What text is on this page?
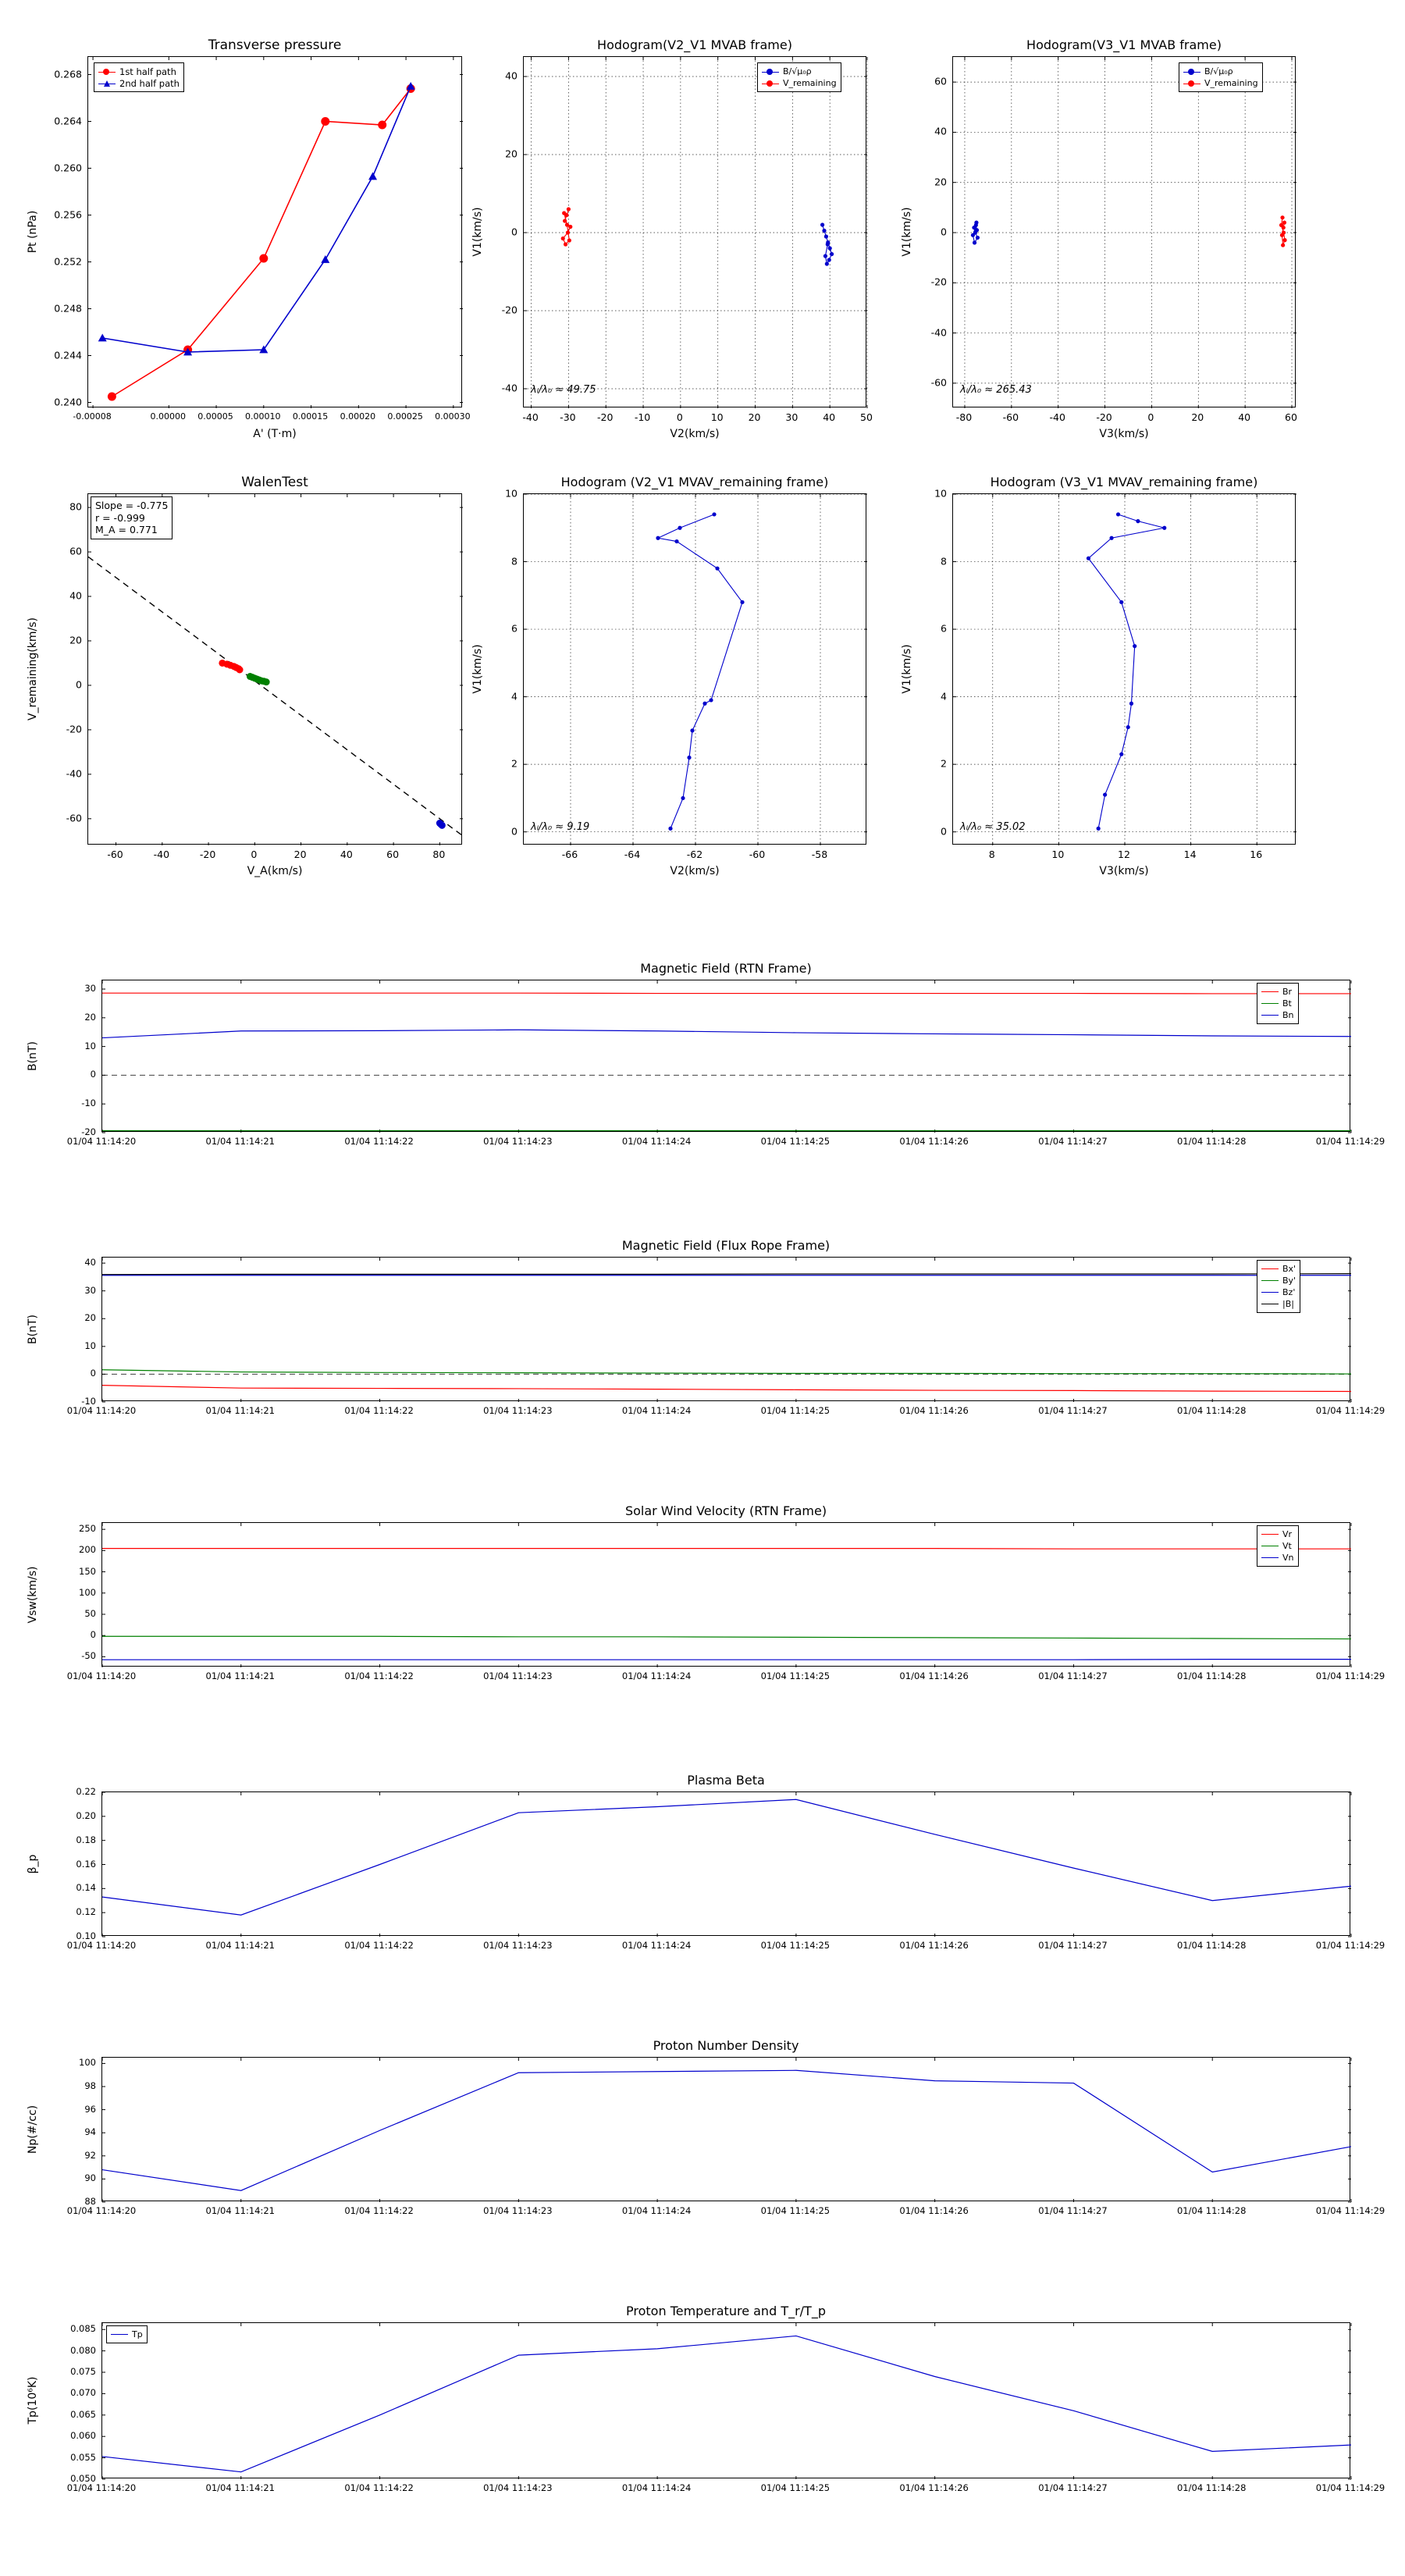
Transverse pressure
-0.00008	0.00000 0.00005 0.00010 0.00015 0.00020 0.00025 0.00030
0.240
0.244
0.248
0.252
0.256
0.260
0.264
0.268
A' (T·m)
Pt (nPa)
1st half path
2nd half path
Hodogram(V2_V1 MVAB frame)
-40 -30 -20 -10	0	10	20	30	40	50
-40
-20
0
20
40
V2(km/s)
V1(km/s)
B/√μ₀ρ
V_remaining
λₗ/λ₀ ≈ 49.75
Hodogram(V3_V1 MVAB frame)
-80	-60	-40	-20	0	20	40	60
-60
-40
-20
0
20
40
60
V3(km/s)
V1(km/s)
B/√μ₀ρ
V_remaining
λₗ/λ₀ ≈ 265.43
WalenTest
-60	-40	-20	0	20	40	60	80
-60
-40
-20
0
20
40
60
80
V_A(km/s)
V_remaining(km/s)
Slope = -0.775
r = -0.999
M_A = 0.771
Hodogram (V2_V1 MVAV_remaining frame)
-66	-64	-62	-60	-58
0
2
4
6
8
10
V2(km/s)
V1(km/s)
λₗ/λ₀ ≈ 9.19
Hodogram (V3_V1 MVAV_remaining frame)
8	10	12	14	16
0
2
4
6
8
10
V3(km/s)
V1(km/s)
λₗ/λ₀ ≈ 35.02
Magnetic Field (RTN Frame)
01/04 11:14:20	01/04 11:14:21	01/04 11:14:22	01/04 11:14:23	01/04 11:14:24	01/04 11:14:25	01/04 11:14:26	01/04 11:14:27	01/04 11:14:28	01/04 11:14:29
-20
-10
0
10
20
30
B(nT)
Br
Bt
Bn
Magnetic Field (Flux Rope Frame)
01/04 11:14:20	01/04 11:14:21	01/04 11:14:22	01/04 11:14:23	01/04 11:14:24	01/04 11:14:25	01/04 11:14:26	01/04 11:14:27	01/04 11:14:28	01/04 11:14:29
-10
0
10
20
30
40
B(nT)
Bx'
By'
Bz'
|B|
Solar Wind Velocity (RTN Frame)
01/04 11:14:20	01/04 11:14:21	01/04 11:14:22	01/04 11:14:23	01/04 11:14:24	01/04 11:14:25	01/04 11:14:26	01/04 11:14:27	01/04 11:14:28	01/04 11:14:29
-50
0
50
100
150
200
250
Vsw(km/s)
Vr
Vt
Vn
Plasma Beta
01/04 11:14:20	01/04 11:14:21	01/04 11:14:22	01/04 11:14:23	01/04 11:14:24	01/04 11:14:25	01/04 11:14:26	01/04 11:14:27	01/04 11:14:28	01/04 11:14:29
0.10
0.12
0.14
0.16
0.18
0.20
0.22
β_p
Proton Number Density
01/04 11:14:20	01/04 11:14:21	01/04 11:14:22	01/04 11:14:23	01/04 11:14:24	01/04 11:14:25	01/04 11:14:26	01/04 11:14:27	01/04 11:14:28	01/04 11:14:29
88
90
92
94
96
98
100
Np(#/cc)
Proton Temperature and T_r/T_p
01/04 11:14:20	01/04 11:14:21	01/04 11:14:22	01/04 11:14:23	01/04 11:14:24	01/04 11:14:25	01/04 11:14:26	01/04 11:14:27	01/04 11:14:28	01/04 11:14:29
0.050
0.055
0.060
0.065
0.070
0.075
0.080
0.085
Tp(10⁶K)
Tp
